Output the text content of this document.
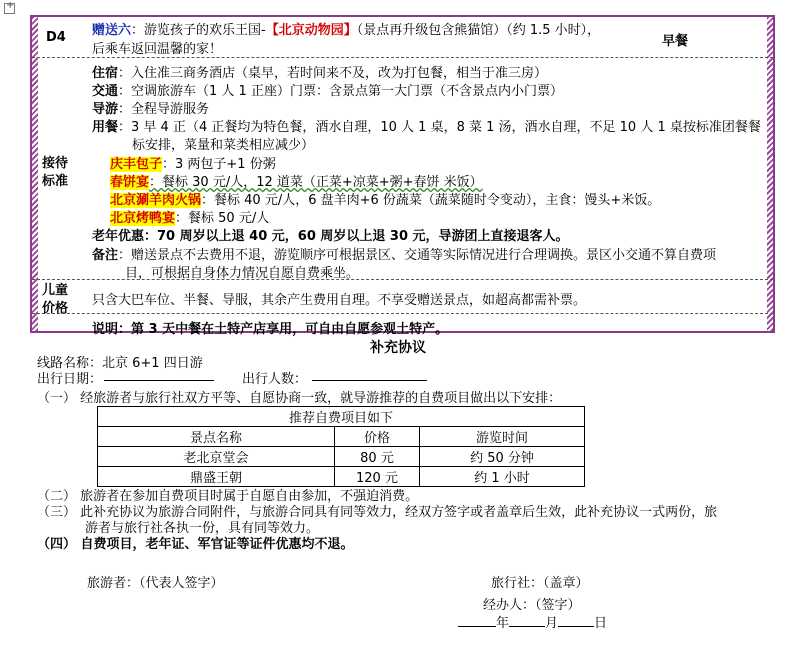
+
D4 赠送六：游览孩子的欢乐王国-【北京动物园】（景点再升级包含熊猫馆）（约 1.5 小时），
后乘车返回温馨的家！
早餐
接待
标准
住宿：入住准三商务酒店（桌早，若时间来不及，改为打包餐，相当于准三房）
交通：空调旅游车（1 人 1 正座）门票：含景点第一大门票（不含景点内小门票）
导游：全程导游服务
用餐：3 早 4 正（4 正餐均为特色餐，酒水自理，10 人 1 桌，8 菜 1 汤，酒水自理，不足 10 人 1 桌按标准团餐餐
标安排，菜量和菜类相应减少）
庆丰包子：3 两包子+1 份粥
春饼宴：餐标 30 元/人，12 道菜（正菜+凉菜+粥+春饼 米饭）
北京涮羊肉火锅：餐标 40 元/人，6 盘羊肉+6 份蔬菜（蔬菜随时令变动），主食：馒头+米饭。
北京烤鸭宴：餐标 50 元/人
老年优惠：70 周岁以上退 40 元，60 周岁以上退 30 元，导游团上直接退客人。
备注：赠送景点不去费用不退，游览顺序可根据景区、交通等实际情况进行合理调换。景区小交通不算自费项
目，可根据自身体力情况自愿自费乘坐。
儿童
价格
只含大巴车位、半餐、导服，其余产生费用自理。不享受赠送景点，如超高都需补票。
说明：第 3 天中餐在土特产店享用，可自由自愿参观土特产。
补充协议
线路名称：北京 6+1 四日游
出行日期：	出行人数：
（一） 经旅游者与旅行社双方平等、自愿协商一致，就导游推荐的自费项目做出以下安排：
推荐自费项目如下		
景点名称	价格	游览时间
老北京堂会	80 元	约 50 分钟
鼎盛王朝	120 元	约 1 小时
（二） 旅游者在参加自费项目时属于自愿自由参加，不强迫消费。
（三） 此补充协议为旅游合同附件，与旅游合同具有同等效力，经双方签字或者盖章后生效，此补充协议一式两份，旅
游者与旅行社各执一份，具有同等效力。
（四） 自费项目，老年证、军官证等证件优惠均不退。
旅游者：（代表人签字）	旅行社：（盖章）
经办人：（签字）
年	月	日
